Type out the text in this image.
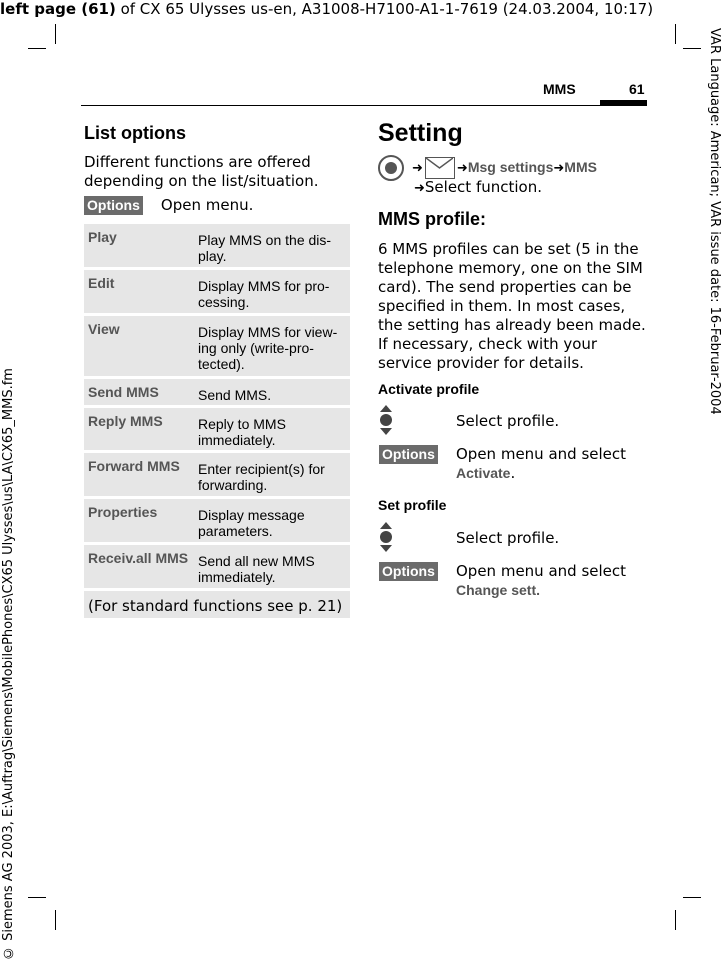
left page (61) of CX 65 Ulysses us-en, A31008-H7100-A1-1-7619 (24.03.2004, 10:17)
VAR Language: American; VAR issue date: 16-Februar-2004
© Siemens AG 2003, E:\Auftrag\Siemens\MobilePhones\CX65 Ulysses\us\LA\CX65_MMS.fm
MMS	61
List options
Different functions are offered depending on the list/situation.
Options Open menu.
Play	Play MMS on the dis-play.
Edit	Display MMS for pro-cessing.
View	Display MMS for view-ing only (write-pro-tected).
Send MMS	Send MMS.
Reply MMS	Reply to MMS immediately.
Forward MMS	Enter recipient(s) for forwarding.
Properties	Display message parameters.
Receiv.all MMS Send all new MMS immediately.
(For standard functions see p. 21)
Setting
➜	➜Msg settings➜MMS
➜Select function.
MMS profile:
6 MMS profiles can be set (5 in the telephone memory, one on the SIM card). The send properties can be specified in them. In most cases, the setting has already been made. If necessary, check with your service provider for details.
Activate profile
Select profile.
Options Open menu and select Activate.
Set profile
Select profile.
Options Open menu and select Change sett.
